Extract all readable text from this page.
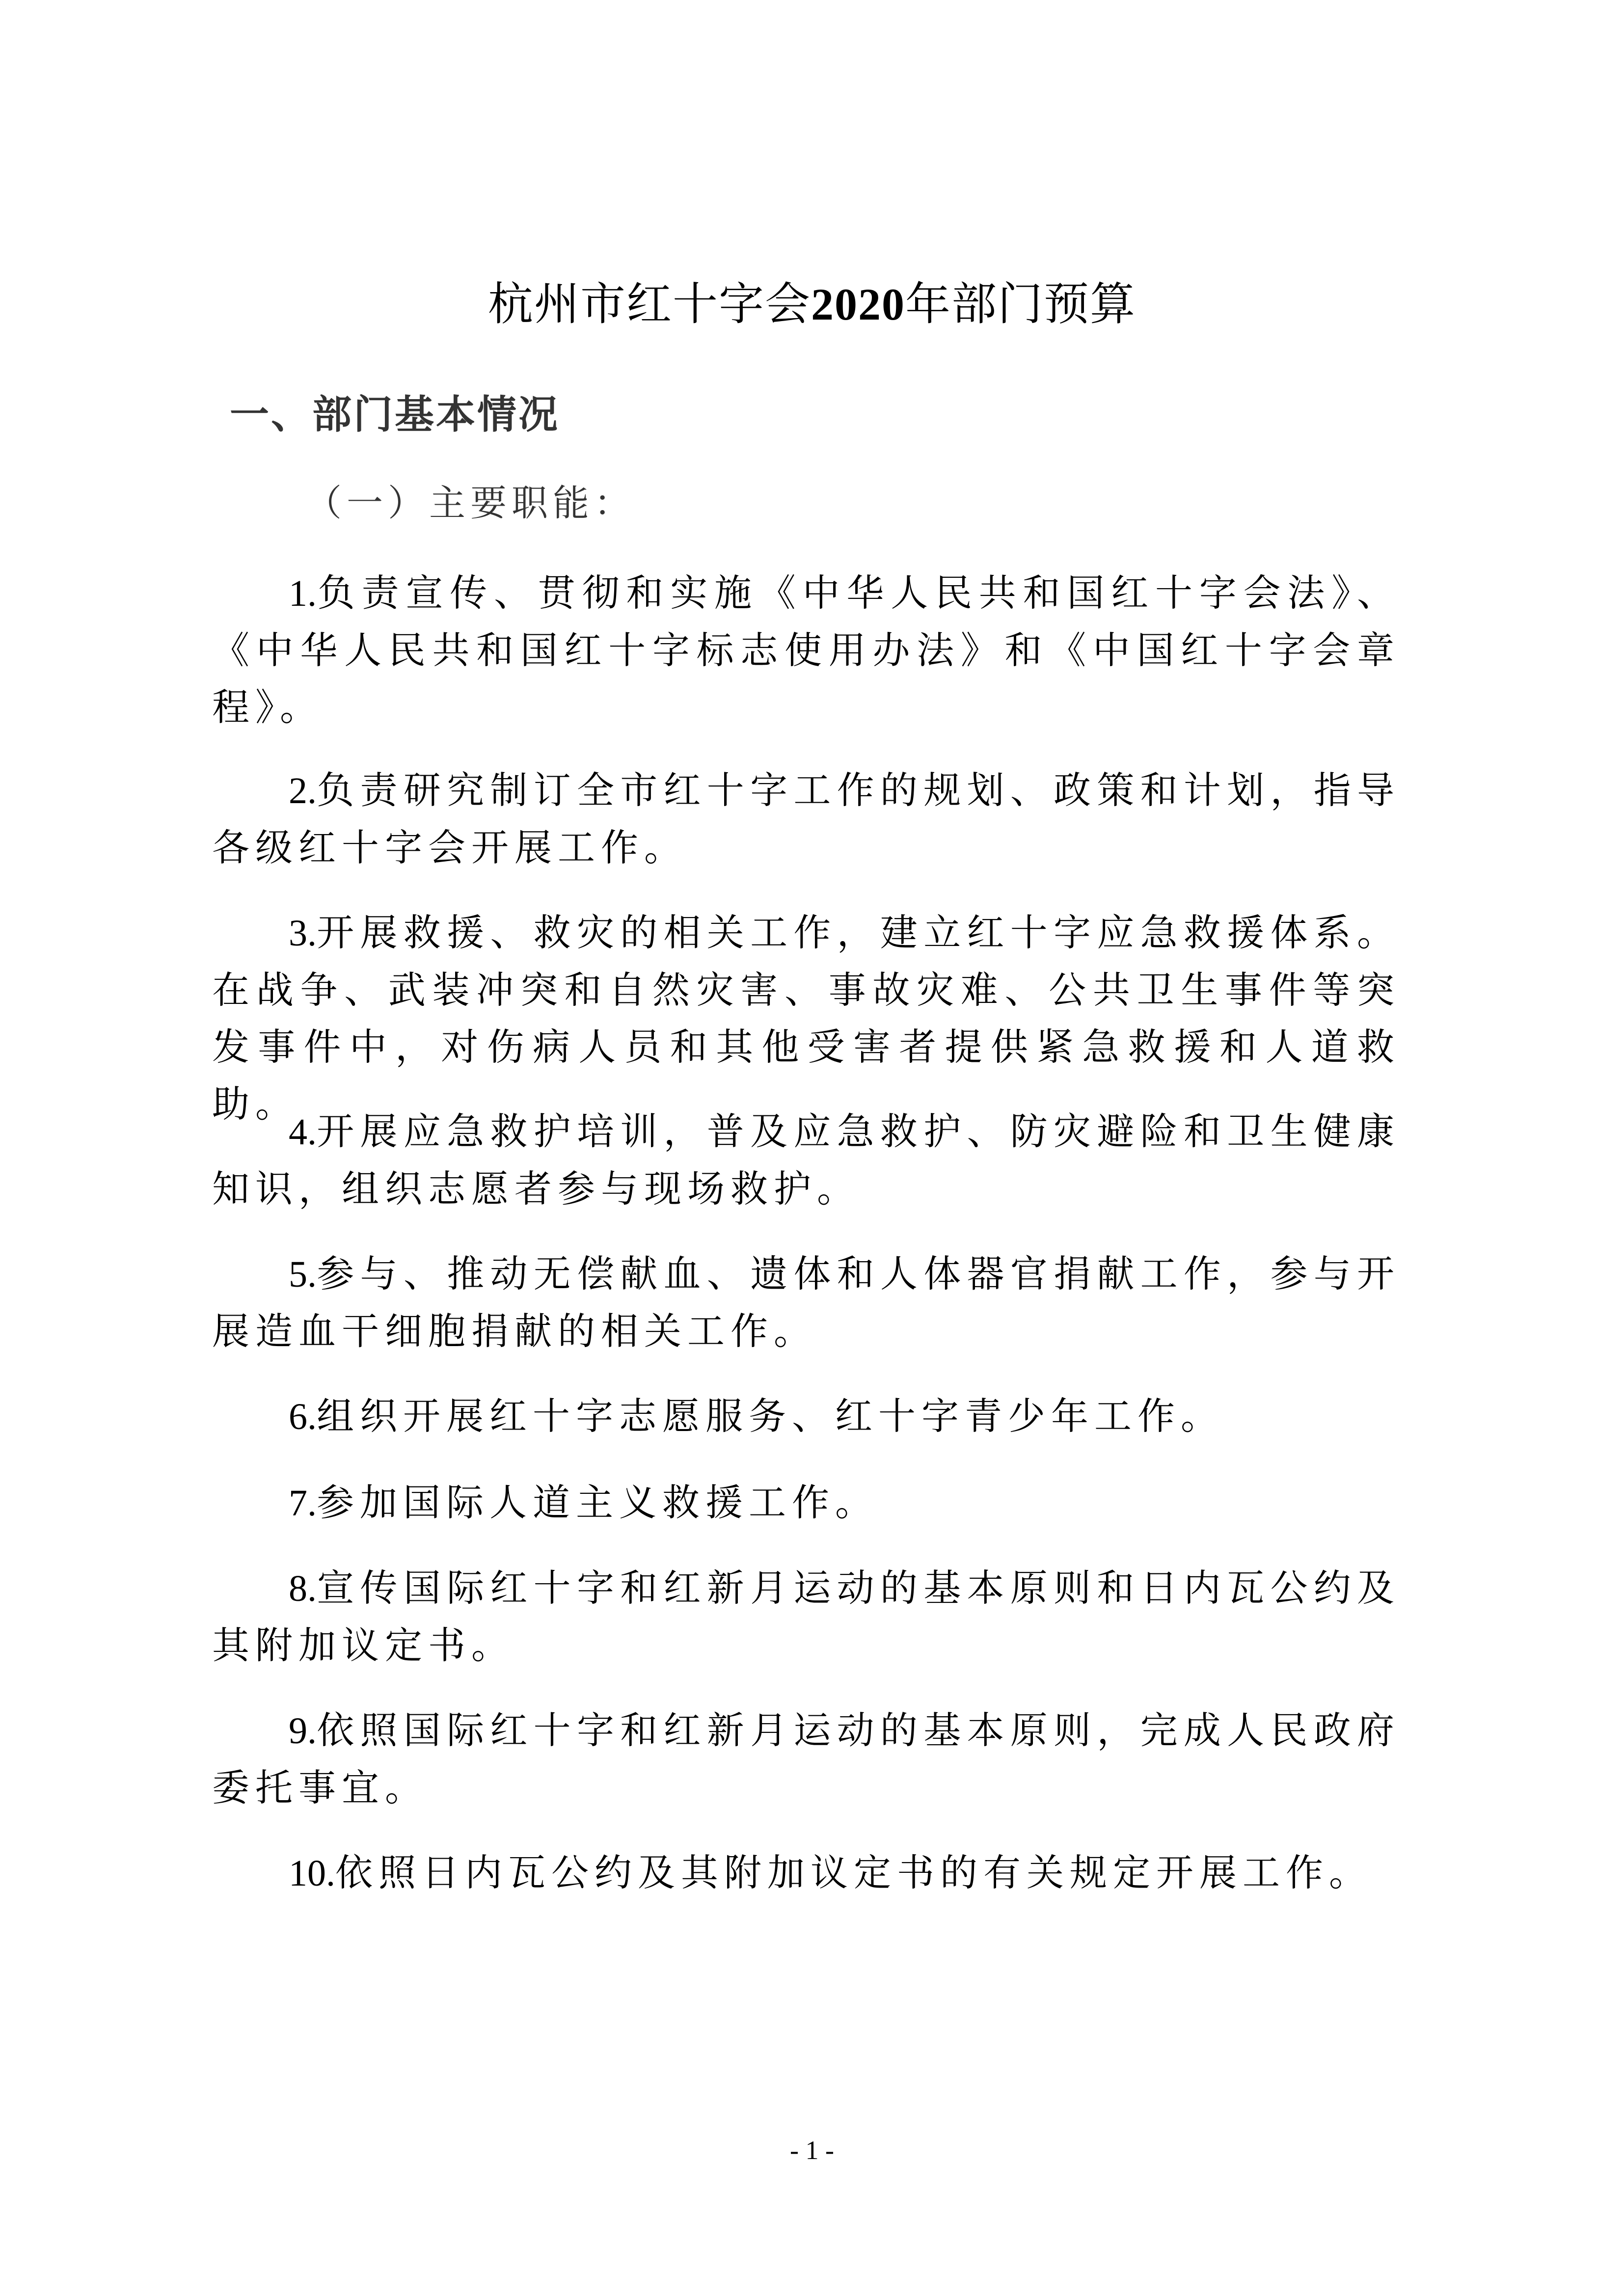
杭州市红十字会2020年部门预算
一、部门基本情况
（一）主要职能：

1.负责宣传、贯彻和实施《中华人民共和国红十字会法》、《中华人民共和国红十字标志使用办法》和《中国红十字会章程》。

2.负责研究制订全市红十字工作的规划、政策和计划，指导各级红十字会开展工作。

3.开展救援、救灾的相关工作，建立红十字应急救援体系。在战争、武装冲突和自然灾害、事故灾难、公共卫生事件等突发事件中，对伤病人员和其他受害者提供紧急救援和人道救助。

4.开展应急救护培训，普及应急救护、防灾避险和卫生健康知识，组织志愿者参与现场救护。

5.参与、推动无偿献血、遗体和人体器官捐献工作，参与开 展造血干细胞捐献的相关工作。

6.组织开展红十字志愿服务、红十字青少年工作。

7.参加国际人道主义救援工作。

8.宣传国际红十字和红新月运动的基本原则和日内瓦公约及其附加议定书。

9.依照国际红十字和红新月运动的基本原则，完成人民政府委托事宜。

10.依照日内瓦公约及其附加议定书的有关规定开展工作。

- 1 -
